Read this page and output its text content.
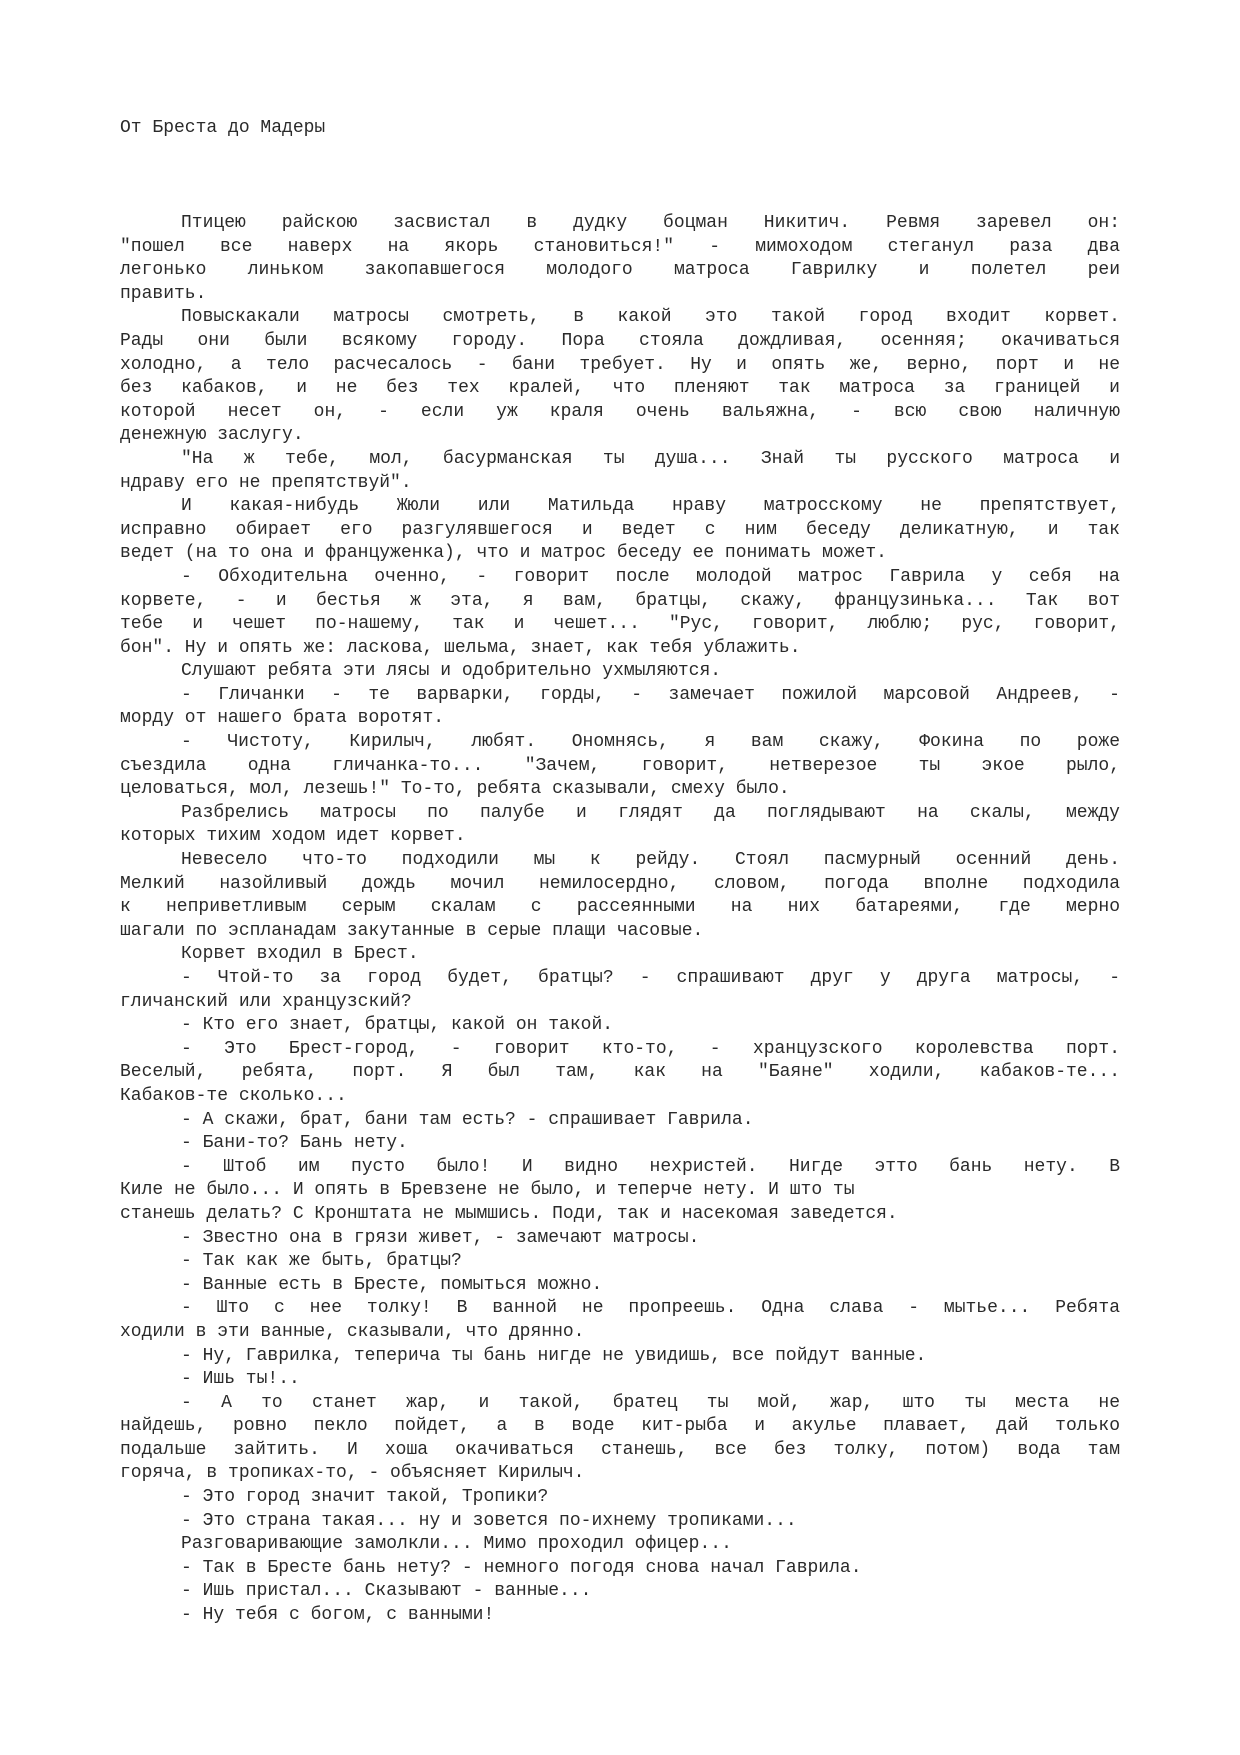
От Бреста до Мадеры
Птицею райскою засвистал в дудку боцман Никитич. Ревмя заревел он:
"пошел все наверх на якорь становиться!" - мимоходом стеганул раза два
легонько линьком закопавшегося молодого матроса Гаврилку и полетел реи
править.
Повыскакали матросы смотреть, в какой это такой город входит корвет.
Рады они были всякому городу. Пора стояла дождливая, осенняя; окачиваться
холодно, а тело расчесалось - бани требует. Ну и опять же, верно, порт и не
без кабаков, и не без тех кралей, что пленяют так матроса за границей и
которой несет он, - если уж краля очень вальяжна, - всю свою наличную
денежную заслугу.
"На ж тебе, мол, басурманская ты душа... Знай ты русского матроса и
ндраву его не препятствуй".
И какая-нибудь Жюли или Матильда нраву матросскому не препятствует,
исправно обирает его разгулявшегося и ведет с ним беседу деликатную, и так
ведет (на то она и француженка), что и матрос беседу ее понимать может.
- Обходительна оченно, - говорит после молодой матрос Гаврила у себя на
корвете, - и бестья ж эта, я вам, братцы, скажу, французинька... Так вот
тебе и чешет по-нашему, так и чешет... "Рус, говорит, люблю; рус, говорит,
бон". Ну и опять же: ласкова, шельма, знает, как тебя ублажить.
Слушают ребята эти лясы и одобрительно ухмыляются.
- Гличанки - те варварки, горды, - замечает пожилой марсовой Андреев, -
морду от нашего брата воротят.
- Чистоту, Кирилыч, любят. Ономнясь, я вам скажу, Фокина по роже
съездила одна гличанка-то... "Зачем, говорит, нетверезое ты экое рыло,
целоваться, мол, лезешь!" То-то, ребята сказывали, смеху было.
Разбрелись матросы по палубе и глядят да поглядывают на скалы, между
которых тихим ходом идет корвет.
Невесело что-то подходили мы к рейду. Стоял пасмурный осенний день.
Мелкий назойливый дождь мочил немилосердно, словом, погода вполне подходила
к неприветливым серым скалам с рассеянными на них батареями, где мерно
шагали по эспланадам закутанные в серые плащи часовые.
Корвет входил в Брест.
- Чтой-то за город будет, братцы? - спрашивают друг у друга матросы, -
гличанский или хранцузский?
- Кто его знает, братцы, какой он такой.
- Это Брест-город, - говорит кто-то, - хранцузского королевства порт.
Веселый, ребята, порт. Я был там, как на "Баяне" ходили, кабаков-те...
Кабаков-те сколько...
- А скажи, брат, бани там есть? - спрашивает Гаврила.
- Бани-то? Бань нету.
- Штоб им пусто было! И видно нехристей. Нигде этто бань нету. В
Киле не было... И опять в Бревзене не было, и теперче нету. И што ты
станешь делать? С Кронштата не мымшись. Поди, так и насекомая заведется.
- Звестно она в грязи живет, - замечают матросы.
- Так как же быть, братцы?
- Ванные есть в Бресте, помыться можно.
- Што с нее толку! В ванной не пропреешь. Одна слава - мытье... Ребята
ходили в эти ванные, сказывали, что дрянно.
- Ну, Гаврилка, теперича ты бань нигде не увидишь, все пойдут ванные.
- Ишь ты!..
- А то станет жар, и такой, братец ты мой, жар, што ты места не
найдешь, ровно пекло пойдет, а в воде кит-рыба и акулье плавает, дай только
подальше зайтить. И хоша окачиваться станешь, все без толку, потом) вода там
горяча, в тропиках-то, - объясняет Кирилыч.
- Это город значит такой, Тропики?
- Это страна такая... ну и зовется по-ихнему тропиками...
Разговаривающие замолкли... Мимо проходил офицер...
- Так в Бресте бань нету? - немного погодя снова начал Гаврила.
- Ишь пристал... Сказывают - ванные...
- Ну тебя с богом, с ванными!
